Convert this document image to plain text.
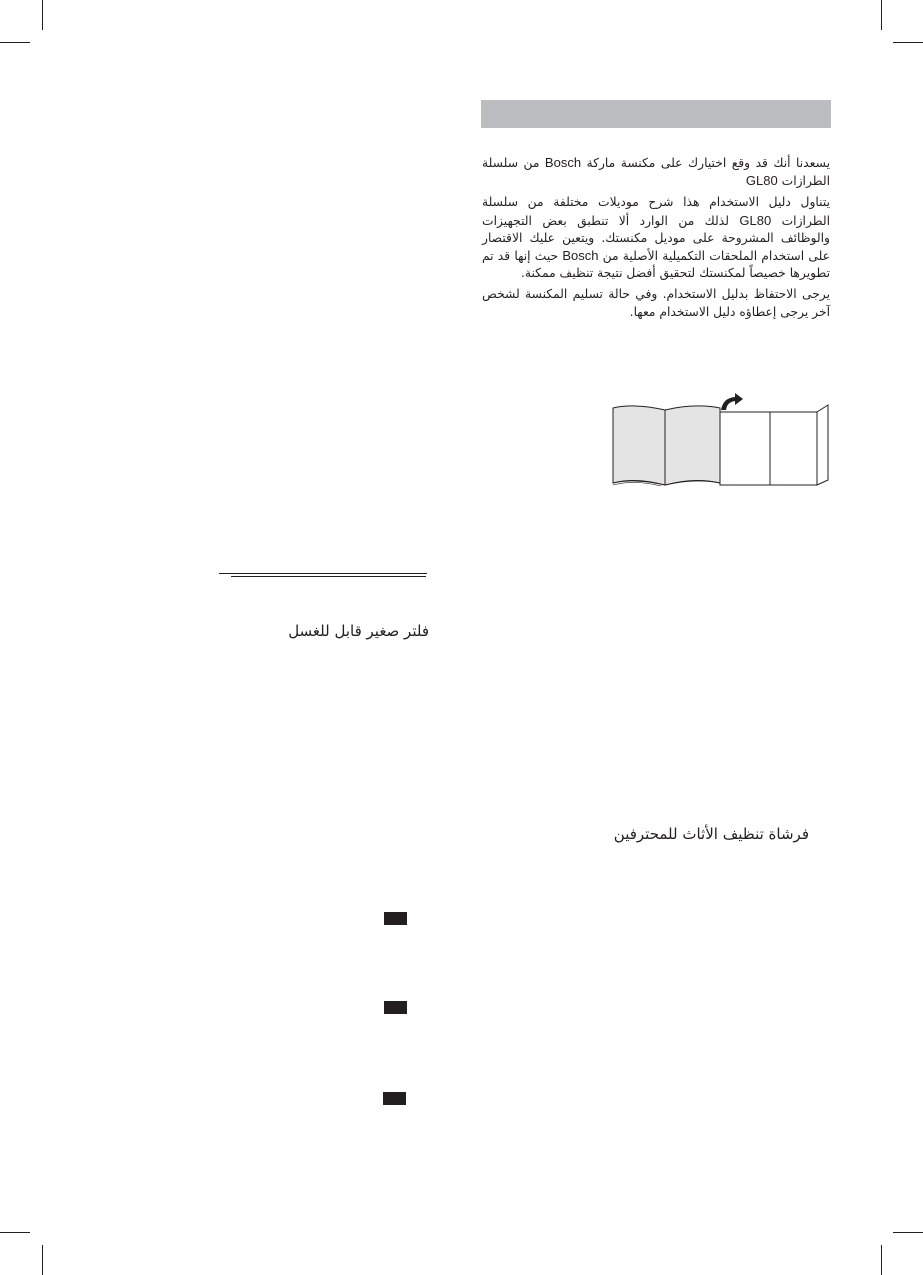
يسعدنا أنك قد وقع اختيارك على مكنسة ماركة Bosch من سلسلة الطرازات GL80

يتناول دليل الاستخدام هذا شرح موديلات مختلفة من سلسلة الطرازات GL80 لذلك من الوارد ألا تنطبق بعض التجهيزات والوظائف المشروحة على موديل مكنستك. ويتعين عليك الاقتصار على استخدام الملحقات التكميلية الأصلية من Bosch حيث إنها قد تم تطويرها خصيصاً لمكنستك لتحقيق أفضل نتيجة تنظيف ممكنة.

يرجى الاحتفاظ بدليل الاستخدام. وفي حالة تسليم المكنسة لشخص آخر يرجى إعطاؤه دليل الاستخدام معها.

فلتر صغير قابل للغسل
فرشاة تنظيف الأثاث للمحترفين
